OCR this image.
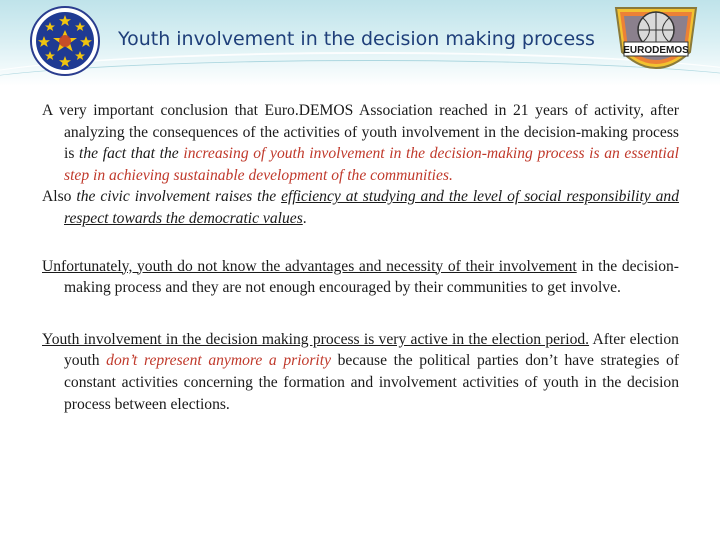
Youth involvement in the decision making process
EURODEMOS

A very important conclusion that Euro.DEMOS Association reached in 21 years of activity, after analyzing the consequences of the activities of youth involvement in the decision-making process is the fact that the increasing of youth involvement in the decision-making process is an essential step in achieving sustainable development of the communities.

Also the civic involvement raises the efficiency at studying and the level of social responsibility and respect towards the democratic values.

Unfortunately, youth do not know the advantages and necessity of their involvement in the decision-making process and they are not enough encouraged by their communities to get involve.

Youth involvement in the decision making process is very active in the election period. After election youth don’t represent anymore a priority because the political parties don’t have strategies of constant activities concerning the formation and involvement activities of youth in the decision process between elections.
